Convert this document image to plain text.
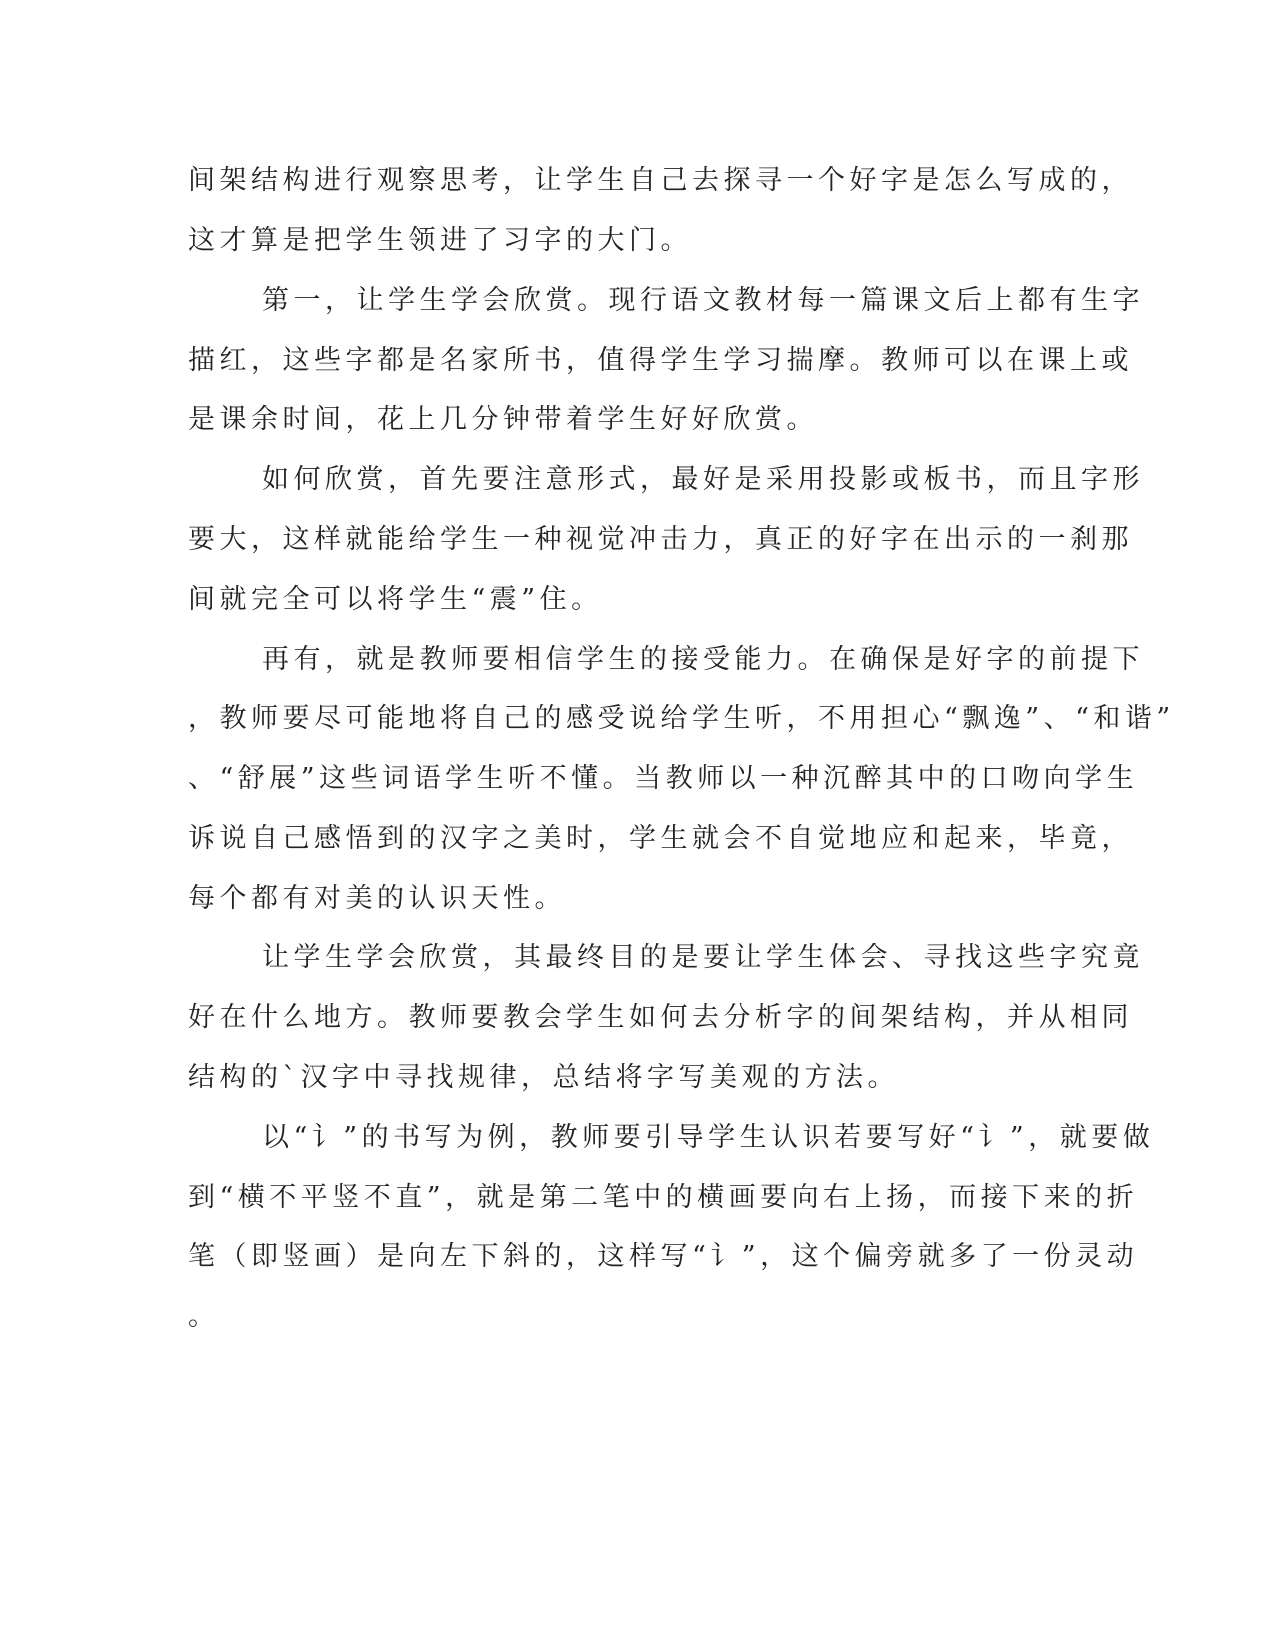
间架结构进行观察思考，让学生自己去探寻一个好字是怎么写成的，

这才算是把学生领进了习字的大门。

第一，让学生学会欣赏。现行语文教材每一篇课文后上都有生字

描红，这些字都是名家所书，值得学生学习揣摩。教师可以在课上或

是课余时间，花上几分钟带着学生好好欣赏。

如何欣赏，首先要注意形式，最好是采用投影或板书，而且字形

要大，这样就能给学生一种视觉冲击力，真正的好字在出示的一刹那

间就完全可以将学生“震”住。

再有，就是教师要相信学生的接受能力。在确保是好字的前提下

，教师要尽可能地将自己的感受说给学生听，不用担心“飘逸”、“和谐”

、“舒展”这些词语学生听不懂。当教师以一种沉醉其中的口吻向学生

诉说自己感悟到的汉字之美时，学生就会不自觉地应和起来，毕竟，

每个都有对美的认识天性。

让学生学会欣赏，其最终目的是要让学生体会、寻找这些字究竟

好在什么地方。教师要教会学生如何去分析字的间架结构，并从相同

结构的`汉字中寻找规律，总结将字写美观的方法。

以“讠”的书写为例，教师要引导学生认识若要写好“讠”，就要做

到“横不平竖不直”，就是第二笔中的横画要向右上扬，而接下来的折

笔（即竖画）是向左下斜的，这样写“讠”，这个偏旁就多了一份灵动

。
